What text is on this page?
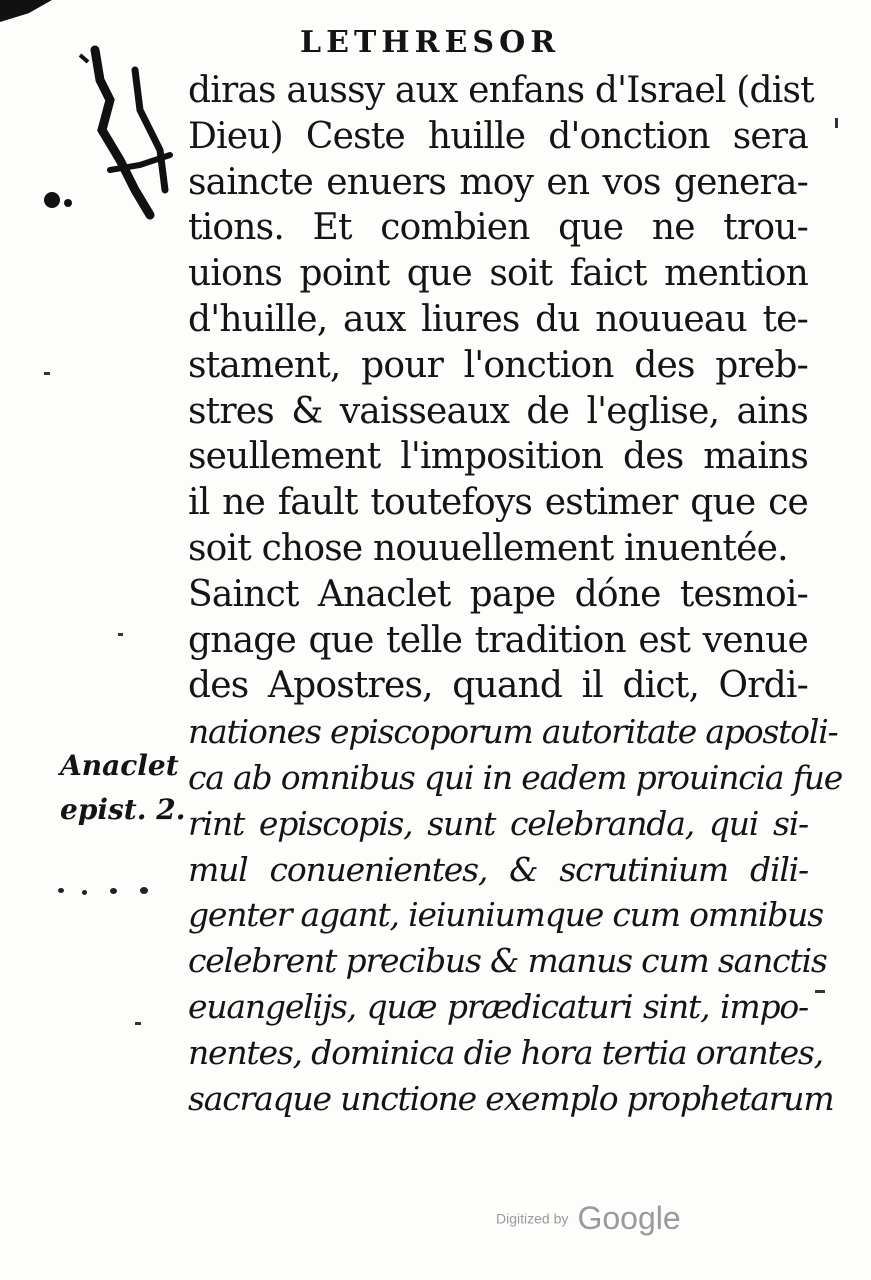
LETHRESOR
diras aussy aux enfans d'Israel (dist
Dieu) Ceste huille d'onction sera
saincte enuers moy en vos genera-
tions. Et combien que ne trou-
uions point que soit faict mention
d'huille, aux liures du nouueau te-
stament, pour l'onction des preb-
stres & vaisseaux de l'eglise, ains
seullement l'imposition des mains
il ne fault toutefoys estimer que ce
soit chose nouuellement inuentée.
Sainct Anaclet pape dóne tesmoi-
gnage que telle tradition est venue
des Apostres, quand il dict, Ordi-
nationes episcoporum autoritate apostoli-
ca ab omnibus qui in eadem prouincia fue
rint episcopis, sunt celebranda, qui si-
mul conuenientes, & scrutinium dili-
genter agant, ieiuniumque cum omnibus
celebrent precibus & manus cum sanctis
euangelijs, quæ prædicaturi sint, impo-
nentes, dominica die hora tertia orantes,
sacraque unctione exemplo prophetarum
Anaclet
epist. 2.
Digitized by Google
